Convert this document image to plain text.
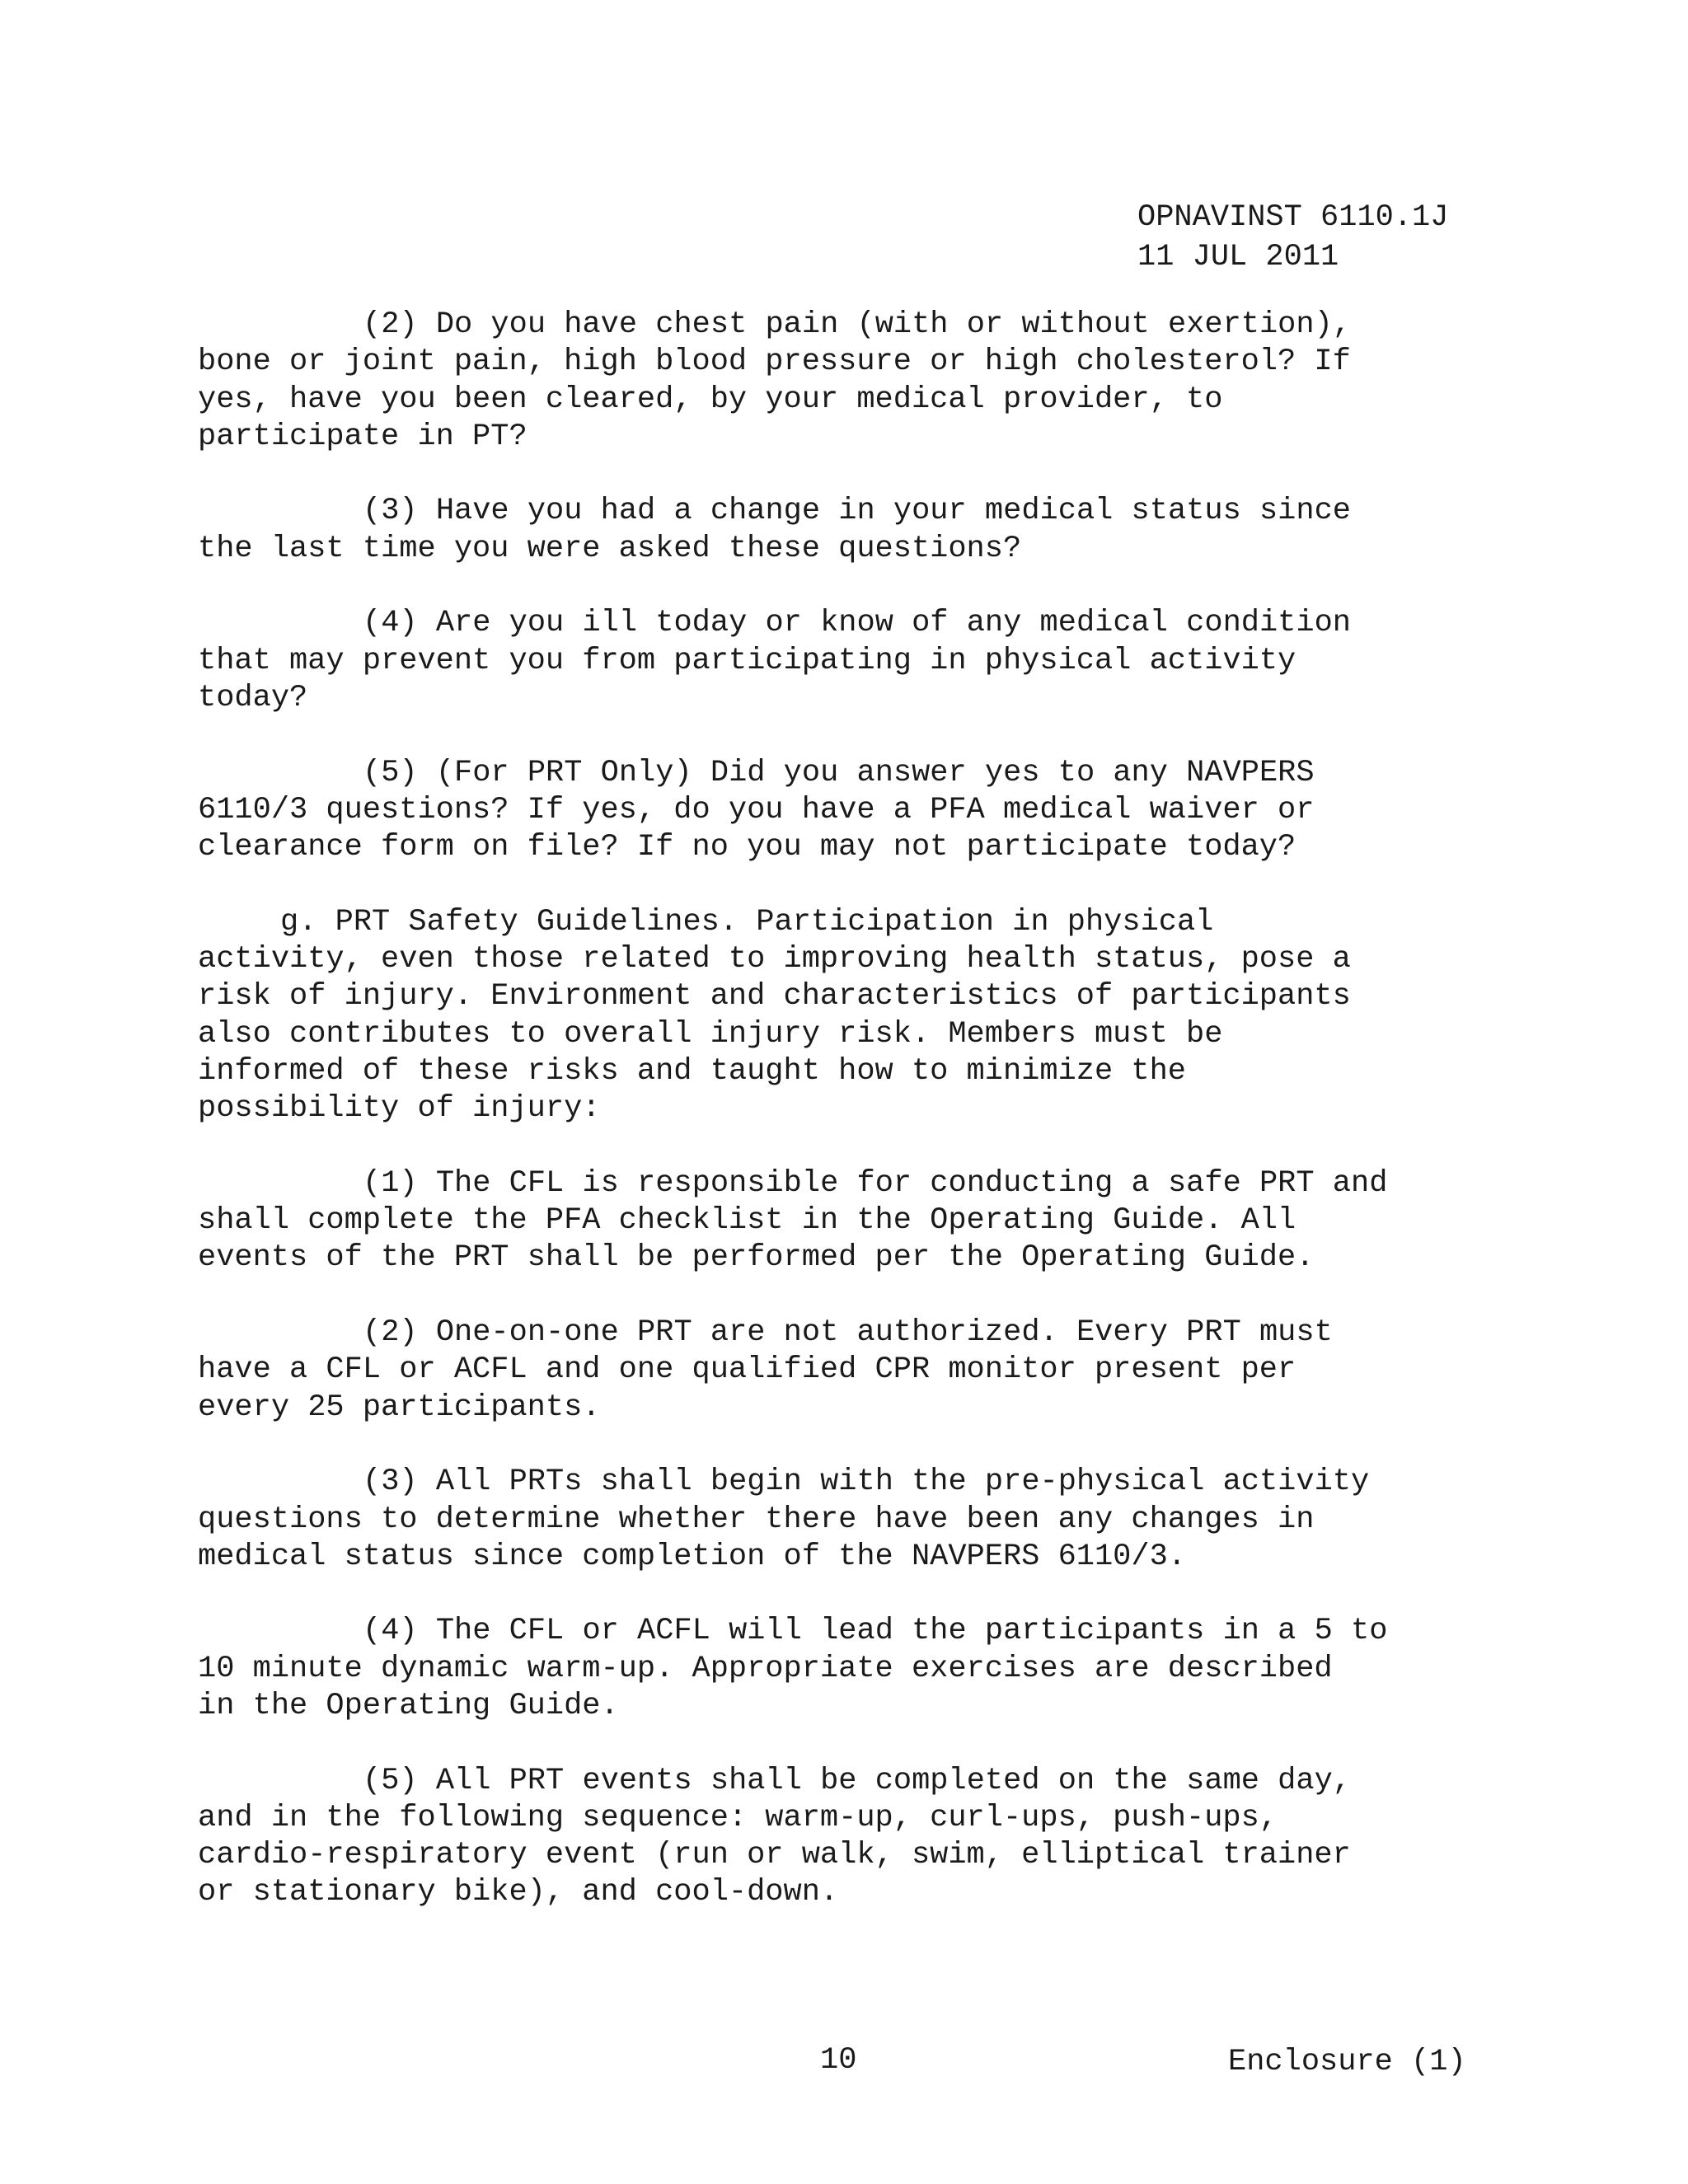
OPNAVINST 6110.1J
11 JUL 2011

(2) Do you have chest pain (with or without exertion),
bone or joint pain, high blood pressure or high cholesterol? If
yes, have you been cleared, by your medical provider, to
participate in PT?

(3) Have you had a change in your medical status since
the last time you were asked these questions?

(4) Are you ill today or know of any medical condition
that may prevent you from participating in physical activity
today?

(5) (For PRT Only) Did you answer yes to any NAVPERS
6110/3 questions? If yes, do you have a PFA medical waiver or
clearance form on file? If no you may not participate today?

g. PRT Safety Guidelines. Participation in physical
activity, even those related to improving health status, pose a
risk of injury. Environment and characteristics of participants
also contributes to overall injury risk. Members must be
informed of these risks and taught how to minimize the
possibility of injury:

(1) The CFL is responsible for conducting a safe PRT and
shall complete the PFA checklist in the Operating Guide. All
events of the PRT shall be performed per the Operating Guide.

(2) One-on-one PRT are not authorized. Every PRT must
have a CFL or ACFL and one qualified CPR monitor present per
every 25 participants.

(3) All PRTs shall begin with the pre-physical activity
questions to determine whether there have been any changes in
medical status since completion of the NAVPERS 6110/3.

(4) The CFL or ACFL will lead the participants in a 5 to
10 minute dynamic warm-up. Appropriate exercises are described
in the Operating Guide.

(5) All PRT events shall be completed on the same day,
and in the following sequence: warm-up, curl-ups, push-ups,
cardio-respiratory event (run or walk, swim, elliptical trainer
or stationary bike), and cool-down.

10	Enclosure (1)
